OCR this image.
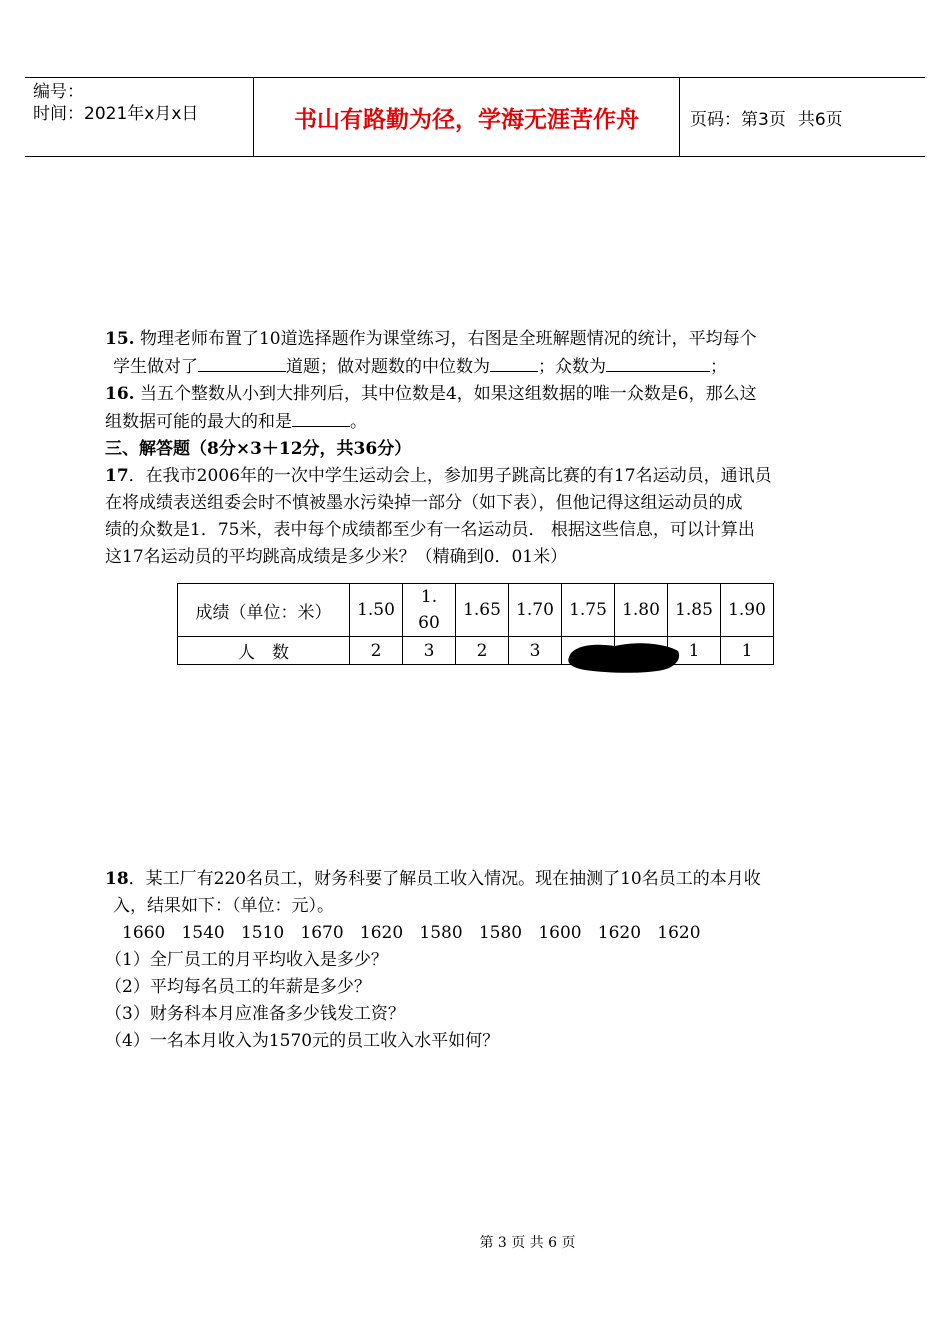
编号：
时间：2021年x月x日	书山有路勤为径，学海无涯苦作舟	页码：第3页 共6页
15. 物理老师布置了10道选择题作为课堂练习，右图是全班解题情况的统计，平均每个
学生做对了	道题；做对题数的中位数为	；众数为	；
16. 当五个整数从小到大排列后，其中位数是4，如果这组数据的唯一众数是6，那么这
组数据可能的最大的和是	。
三、解答题（8分×3＋12分，共36分）
17．在我市2006年的一次中学生运动会上，参加男子跳高比赛的有17名运动员，通讯员
在将成绩表送组委会时不慎被墨水污染掉一部分（如下表），但他记得这组运动员的成
绩的众数是1．75米，表中每个成绩都至少有一名运动员． 根据这些信息，可以计算出
这17名运动员的平均跳高成绩是多少米？（精确到0．01米）
成绩（单位：米）	1.50	1.60	1.65	1.70	1.75	1.80	1.85	1.90
人　数	2	3	2	3			1	1
18．某工厂有220名员工，财务科要了解员工收入情况。现在抽测了10名员工的本月收
入，结果如下：（单位：元）。
1660   1540   1510   1670   1620   1580   1580   1600   1620   1620
（1）全厂员工的月平均收入是多少？
（2）平均每名员工的年薪是多少？
（3）财务科本月应准备多少钱发工资？
（4）一名本月收入为1570元的员工收入水平如何？
第 3 页 共 6 页
